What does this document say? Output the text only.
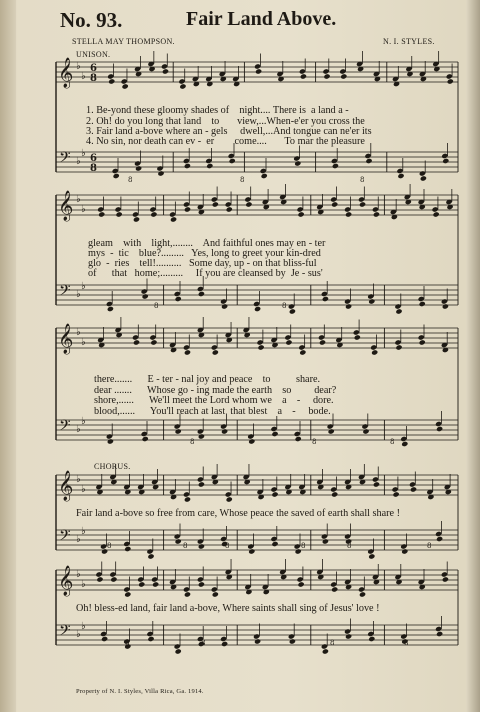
No. 93.	Fair Land Above.
STELLA MAY THOMPSON.	N. I. STYLES.
UNISON.
𝄞
𝄢
♭
♭
♭
♭
6
8
6
8
𝄞
𝄢
♭
♭
♭
♭
𝄞
𝄢
♭
♭
♭
♭
𝄞
𝄢
♭
♭
♭
♭
𝄞
𝄢
♭
♭
♭
♭
8	8	8
8	8
8	8	8
8	8	8	8	8	8
8	8	8	8
1. Be-yond these gloomy shades of    night.... There is  a land a -
2. Oh! do you long that land    to       view,...When-e'er you cross the
3. Fair land a-bove where an - gels     dwell,...And tongue can ne'er its
4. No sin, nor death can ev -  er        come....       To mar the pleasure
gleam    with    light,........    And faithful ones may en - ter
mys  -  tic    blue?.........   Yes, long to greet your kin-dred
glo  -  ries    tell!..........   Some day, up - on that bliss-ful
of      that   home;.........     If you are cleansed by  Je - sus'
there.......      E - ter - nal joy and peace    to          share.
dear .......      Whose go - ing made the earth    so         dear?
shore,......      We'll meet the Lord whom we    a    -     dore.
blood,......      You'll reach at last  that blest    a    -     bode.
CHORUS.
Fair land a-bove so free from care, Whose peace the saved of earth shall share !
Oh! bless-ed land, fair land a-bove, Where saints shall sing of Jesus' love !
Property of N. I. Styles, Villa Rica, Ga. 1914.
